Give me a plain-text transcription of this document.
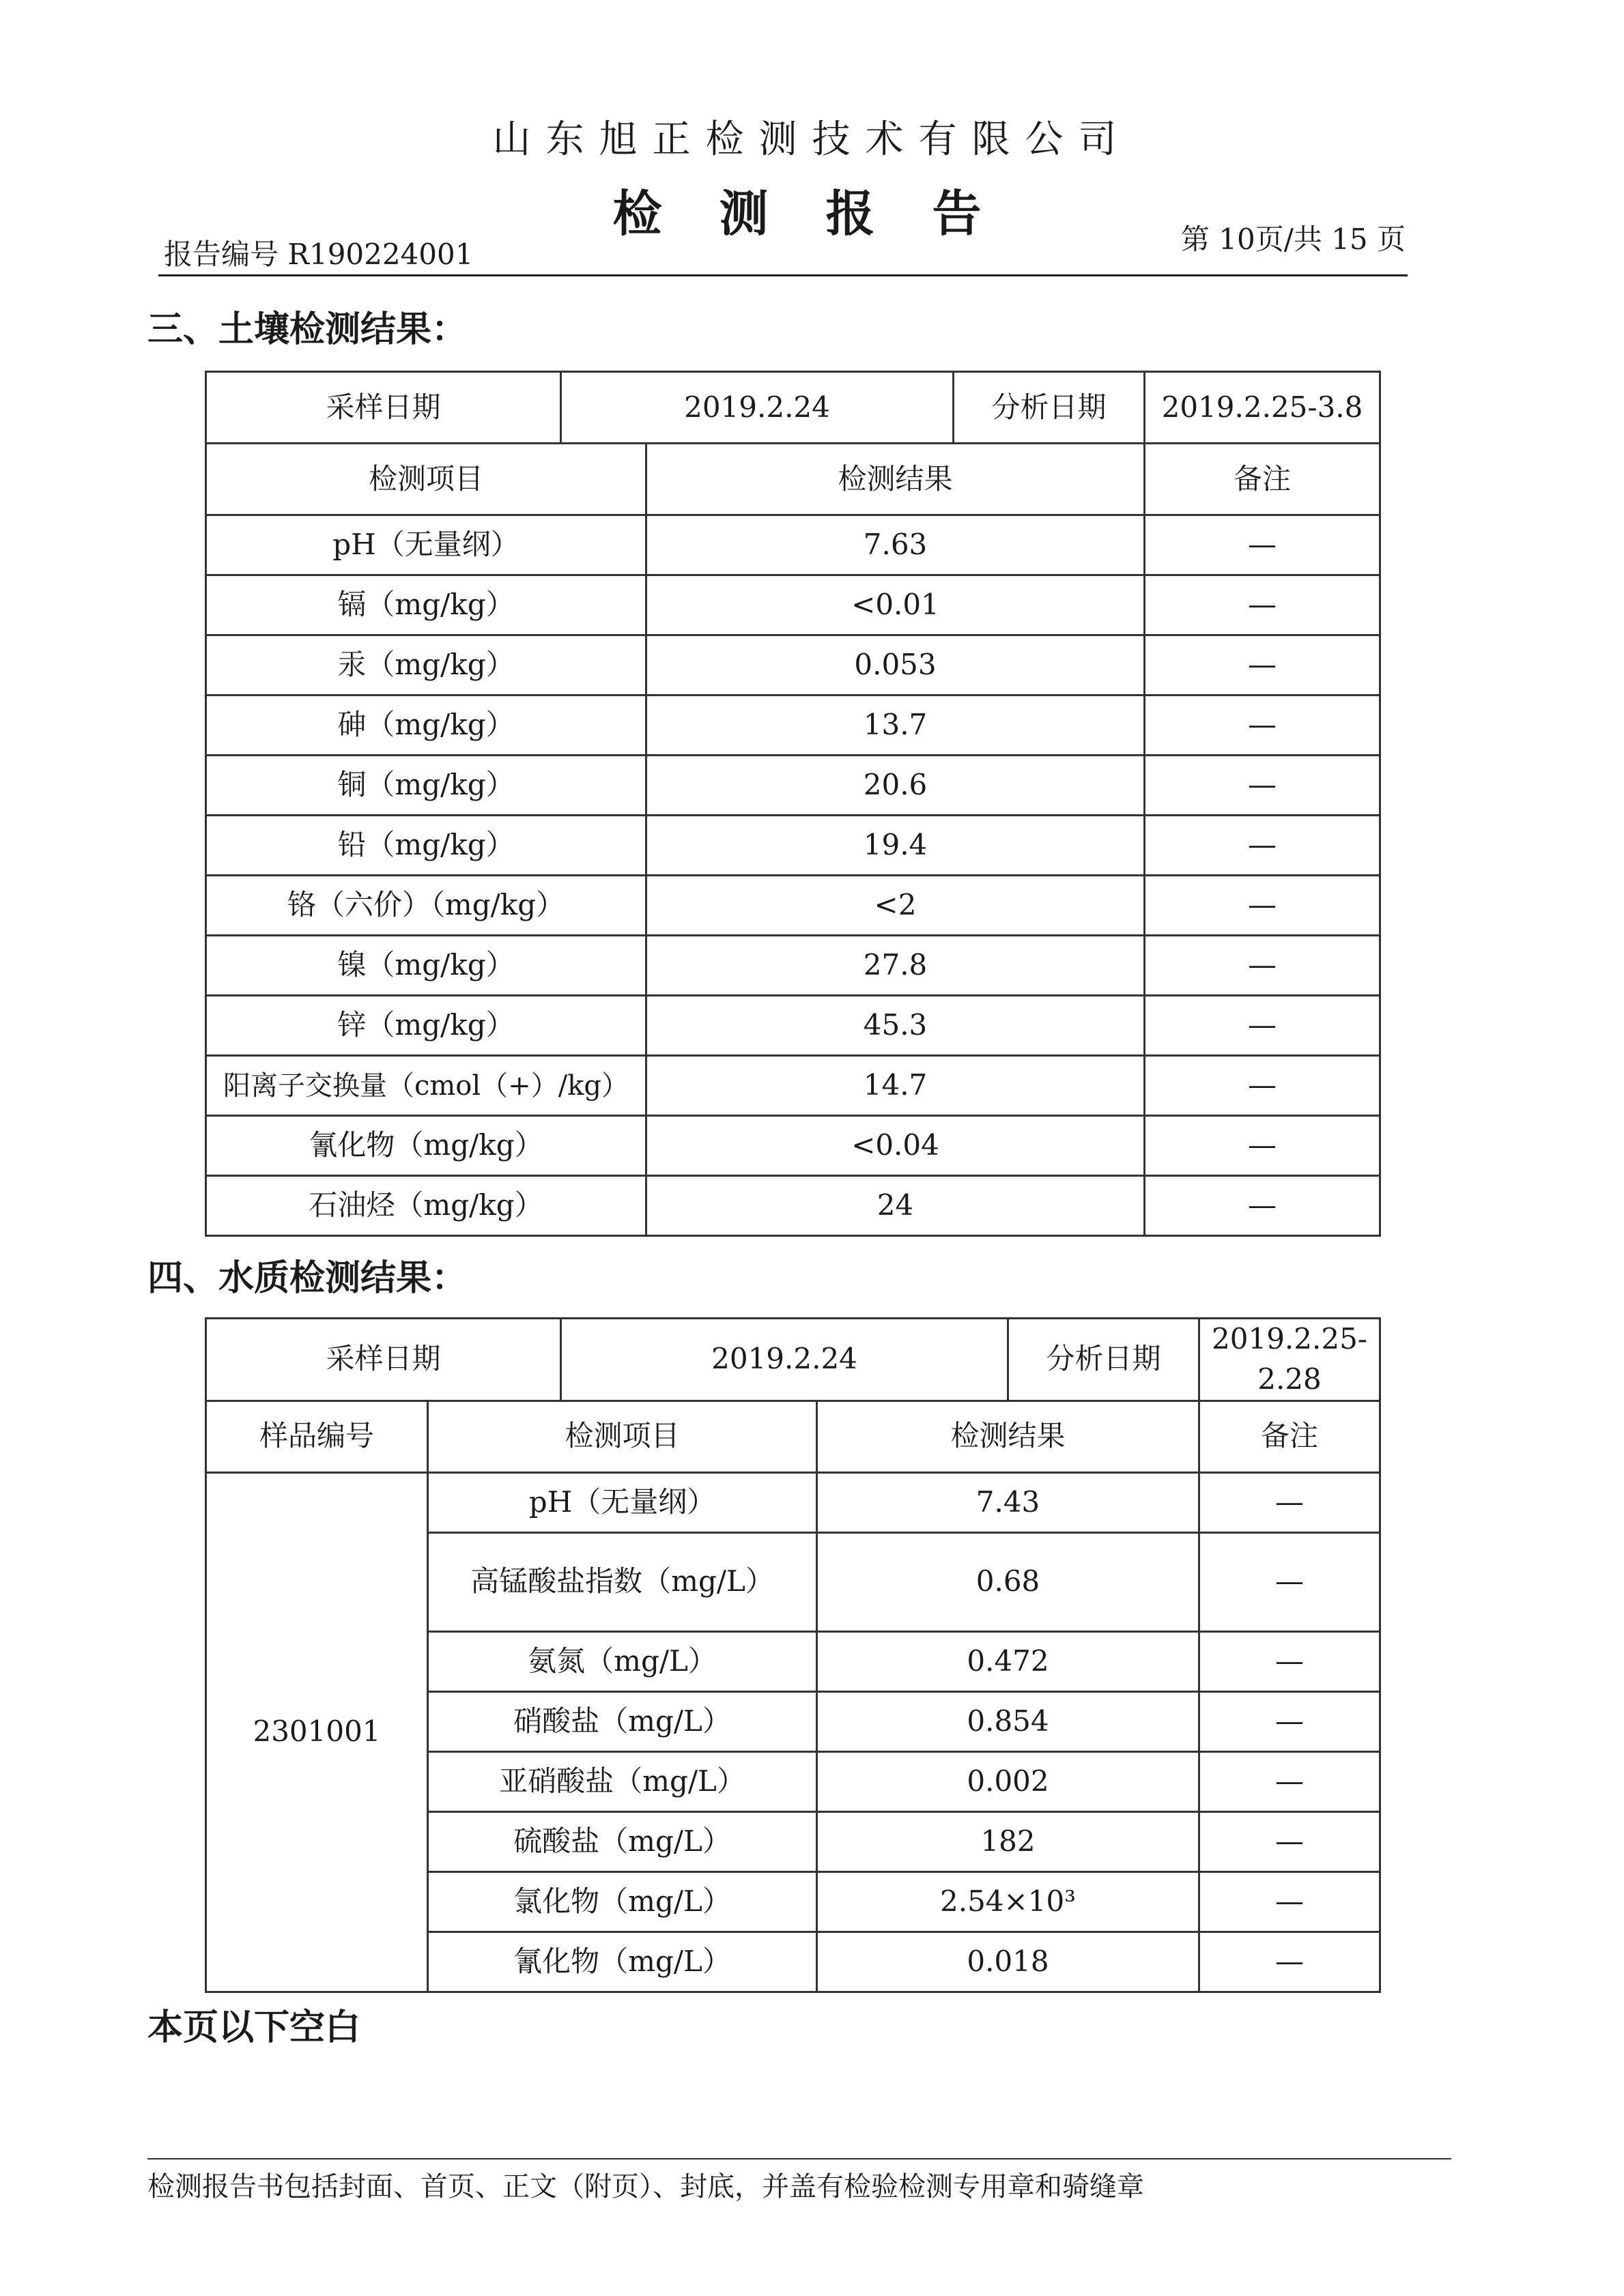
山东旭正检测技术有限公司
检测报告
报告编号 R190224001	第 10页/共 15 页
三、土壤检测结果：
采样日期	2019.2.24		分析日期	2019.2.25-3.8
检测项目		检测结果		备注
pH（无量纲）		7.63		—
镉（mg/kg）		<0.01		—
汞（mg/kg）		0.053		—
砷（mg/kg）		13.7		—
铜（mg/kg）		20.6		—
铅（mg/kg）		19.4		—
铬（六价）（mg/kg）		<2		—
镍（mg/kg）		27.8		—
锌（mg/kg）		45.3		—
阳离子交换量（cmol（+）/kg）		14.7		—
氰化物（mg/kg）		<0.04		—
石油烃（mg/kg）		24		—
四、水质检测结果：
采样日期		2019.2.24		分析日期	2019.2.25-2.28
样品编号	检测项目		检测结果		备注
2301001	pH（无量纲）		7.43		—
	高锰酸盐指数（mg/L）		0.68		—
	氨氮（mg/L）		0.472		—
	硝酸盐（mg/L）		0.854		—
	亚硝酸盐（mg/L）		0.002		—
	硫酸盐（mg/L）		182		—
	氯化物（mg/L）		2.54×10³		—
	氰化物（mg/L）		0.018		—
本页以下空白
检测报告书包括封面、首页、正文（附页）、封底，并盖有检验检测专用章和骑缝章
